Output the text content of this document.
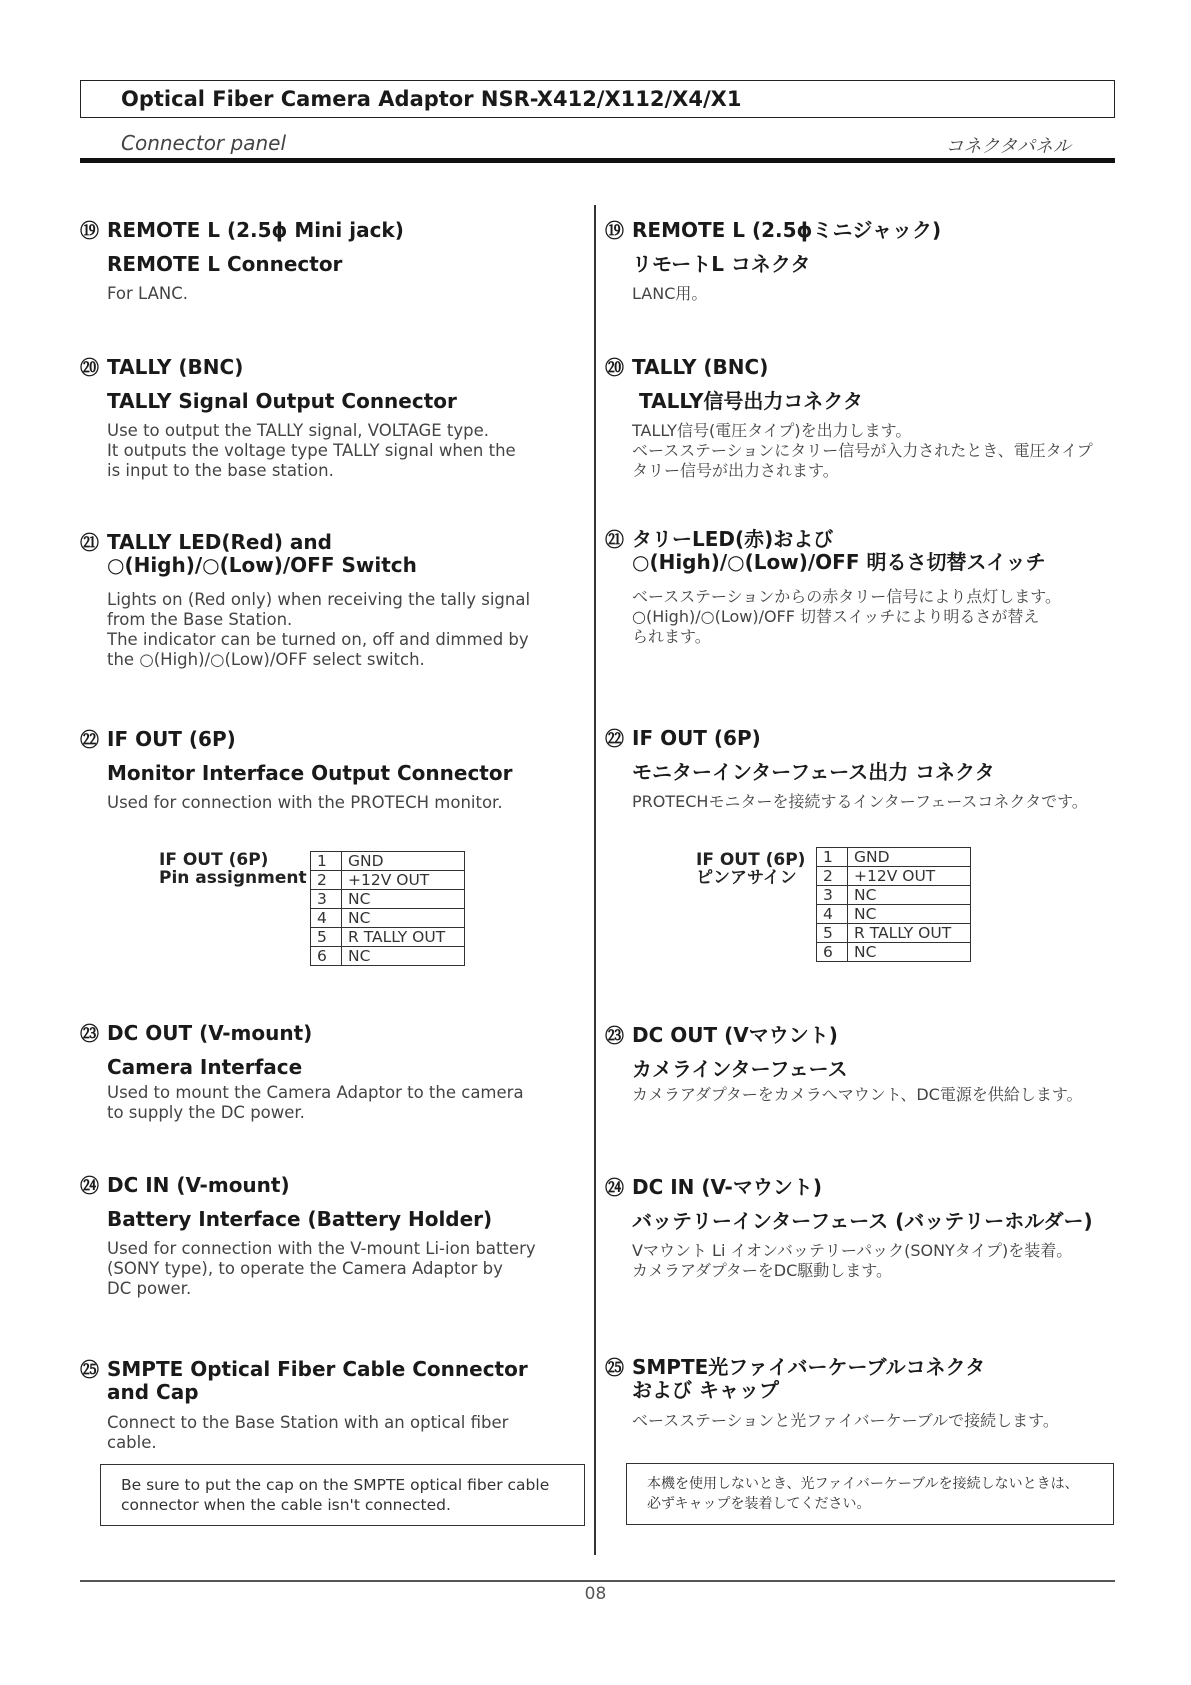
Optical Fiber Camera Adaptor NSR-X412/X112/X4/X1
Connector panel	コネクタパネル
⑲ REMOTE L (2.5ϕ Mini jack)
REMOTE L Connector

For LANC.

⑳ TALLY (BNC)
TALLY Signal Output Connector

Use to output the TALLY signal, VOLTAGE type.

It outputs the voltage type TALLY signal when the

is input to the base station.

㉑ TALLY LED(Red) and
○(High)/○(Low)/OFF Switch

Lights on (Red only) when receiving the tally signal

from the Base Station.

The indicator can be turned on, off and dimmed by

the ○(High)/○(Low)/OFF select switch.

㉒ IF OUT (6P)
Monitor Interface Output Connector

Used for connection with the PROTECH monitor.

IF OUT (6P)
Pin assignment
1	GND
2	+12V OUT
3	NC
4	NC
5	R TALLY OUT
6	NC
㉓ DC OUT (V-mount)
Camera Interface

Used to mount the Camera Adaptor to the camera

to supply the DC power.

㉔ DC IN (V-mount)
Battery Interface (Battery Holder)

Used for connection with the V-mount Li-ion battery

(SONY type), to operate the Camera Adaptor by

DC power.

㉕ SMPTE Optical Fiber Cable Connector
and Cap

Connect to the Base Station with an optical fiber

cable.

Be sure to put the cap on the SMPTE optical fiber cable
connector when the cable isn't connected.
⑲ REMOTE L (2.5ϕミニジャック)
リモートL コネクタ

LANC用。

⑳ TALLY (BNC)
TALLY信号出力コネクタ

TALLY信号(電圧タイプ)を出力します。

ベースステーションにタリー信号が入力されたとき、電圧タイプ

タリー信号が出力されます。

㉑ タリーLED(赤)および
○(High)/○(Low)/OFF 明るさ切替スイッチ

ベースステーションからの赤タリー信号により点灯します。

○(High)/○(Low)/OFF 切替スイッチにより明るさが替え

られます。

㉒ IF OUT (6P)
モニターインターフェース出力 コネクタ

PROTECHモニターを接続するインターフェースコネクタです。

IF OUT (6P)
ピンアサイン
1	GND
2	+12V OUT
3	NC
4	NC
5	R TALLY OUT
6	NC
㉓ DC OUT (Vマウント)
カメラインターフェース

カメラアダプターをカメラへマウント、DC電源を供給します。

㉔ DC IN (V-マウント)
バッテリーインターフェース (バッテリーホルダー)

Vマウント Li イオンバッテリーパック(SONYタイプ)を装着。

カメラアダプターをDC駆動します。

㉕ SMPTE光ファイバーケーブルコネクタ
および キャップ

ベースステーションと光ファイバーケーブルで接続します。

本機を使用しないとき、光ファイバーケーブルを接続しないときは、
必ずキャップを装着してください。
08
